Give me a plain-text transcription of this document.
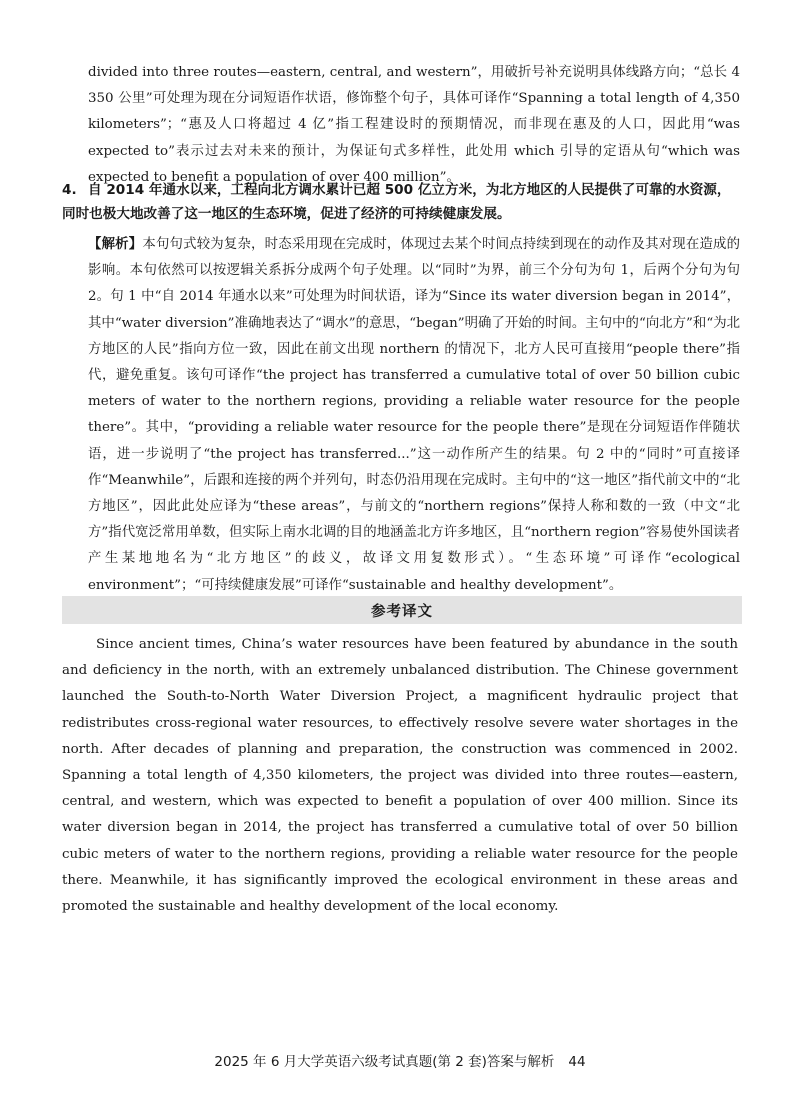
divided into three routes—eastern, central, and western”，用破折号补充说明具体线路方向；“总长 4 350 公里”可处理为现在分词短语作状语，修饰整个句子，具体可译作“Spanning a total length of 4,350 kilometers”；“惠及人口将超过 4 亿”指工程建设时的预期情况，而非现在惠及的人口，因此用“was expected to”表示过去对未来的预计，为保证句式多样性，此处用 which 引导的定语从句“which was expected to benefit a population of over 400 million”。

4. 自 2014 年通水以来，工程向北方调水累计已超 500 亿立方米，为北方地区的人民提供了可靠的水资源，同时也极大地改善了这一地区的生态环境，促进了经济的可持续健康发展。

【解析】本句句式较为复杂，时态采用现在完成时，体现过去某个时间点持续到现在的动作及其对现在造成的影响。本句依然可以按逻辑关系拆分成两个句子处理。以“同时”为界，前三个分句为句 1，后两个分句为句 2。句 1 中“自 2014 年通水以来”可处理为时间状语，译为“Since its water diversion began in 2014”，其中“water diversion”准确地表达了“调水”的意思，“began”明确了开始的时间。主句中的“向北方”和“为北方地区的人民”指向方位一致，因此在前文出现 northern 的情况下，北方人民可直接用“people there”指代，避免重复。该句可译作“the project has transferred a cumulative total of over 50 billion cubic meters of water to the northern regions, providing a reliable water resource for the people there”。其中，“providing a reliable water resource for the people there”是现在分词短语作伴随状语，进一步说明了“the project has transferred...”这一动作所产生的结果。句 2 中的“同时”可直接译作“Meanwhile”，后跟和连接的两个并列句，时态仍沿用现在完成时。主句中的“这一地区”指代前文中的“北方地区”，因此此处应译为“these areas”，与前文的“northern regions”保持人称和数的一致（中文“北方”指代宽泛常用单数，但实际上南水北调的目的地涵盖北方许多地区，且“northern region”容易使外国读者产生某地地名为“北方地区”的歧义，故译文用复数形式）。“生态环境”可译作“ecological environment”；“可持续健康发展”可译作“sustainable and healthy development”。

参考译文

Since ancient times, China’s water resources have been featured by abundance in the south and deficiency in the north, with an extremely unbalanced distribution. The Chinese government launched the South-to-North Water Diversion Project, a magnificent hydraulic project that redistributes cross-regional water resources, to effectively resolve severe water shortages in the north. After decades of planning and preparation, the construction was commenced in 2002. Spanning a total length of 4,350 kilometers, the project was divided into three routes—eastern, central, and western, which was expected to benefit a population of over 400 million. Since its water diversion began in 2014, the project has transferred a cumulative total of over 50 billion cubic meters of water to the northern regions, providing a reliable water resource for the people there. Meanwhile, it has significantly improved the ecological environment in these areas and promoted the sustainable and healthy development of the local economy.

2025 年 6 月大学英语六级考试真题(第 2 套)答案与解析 44
